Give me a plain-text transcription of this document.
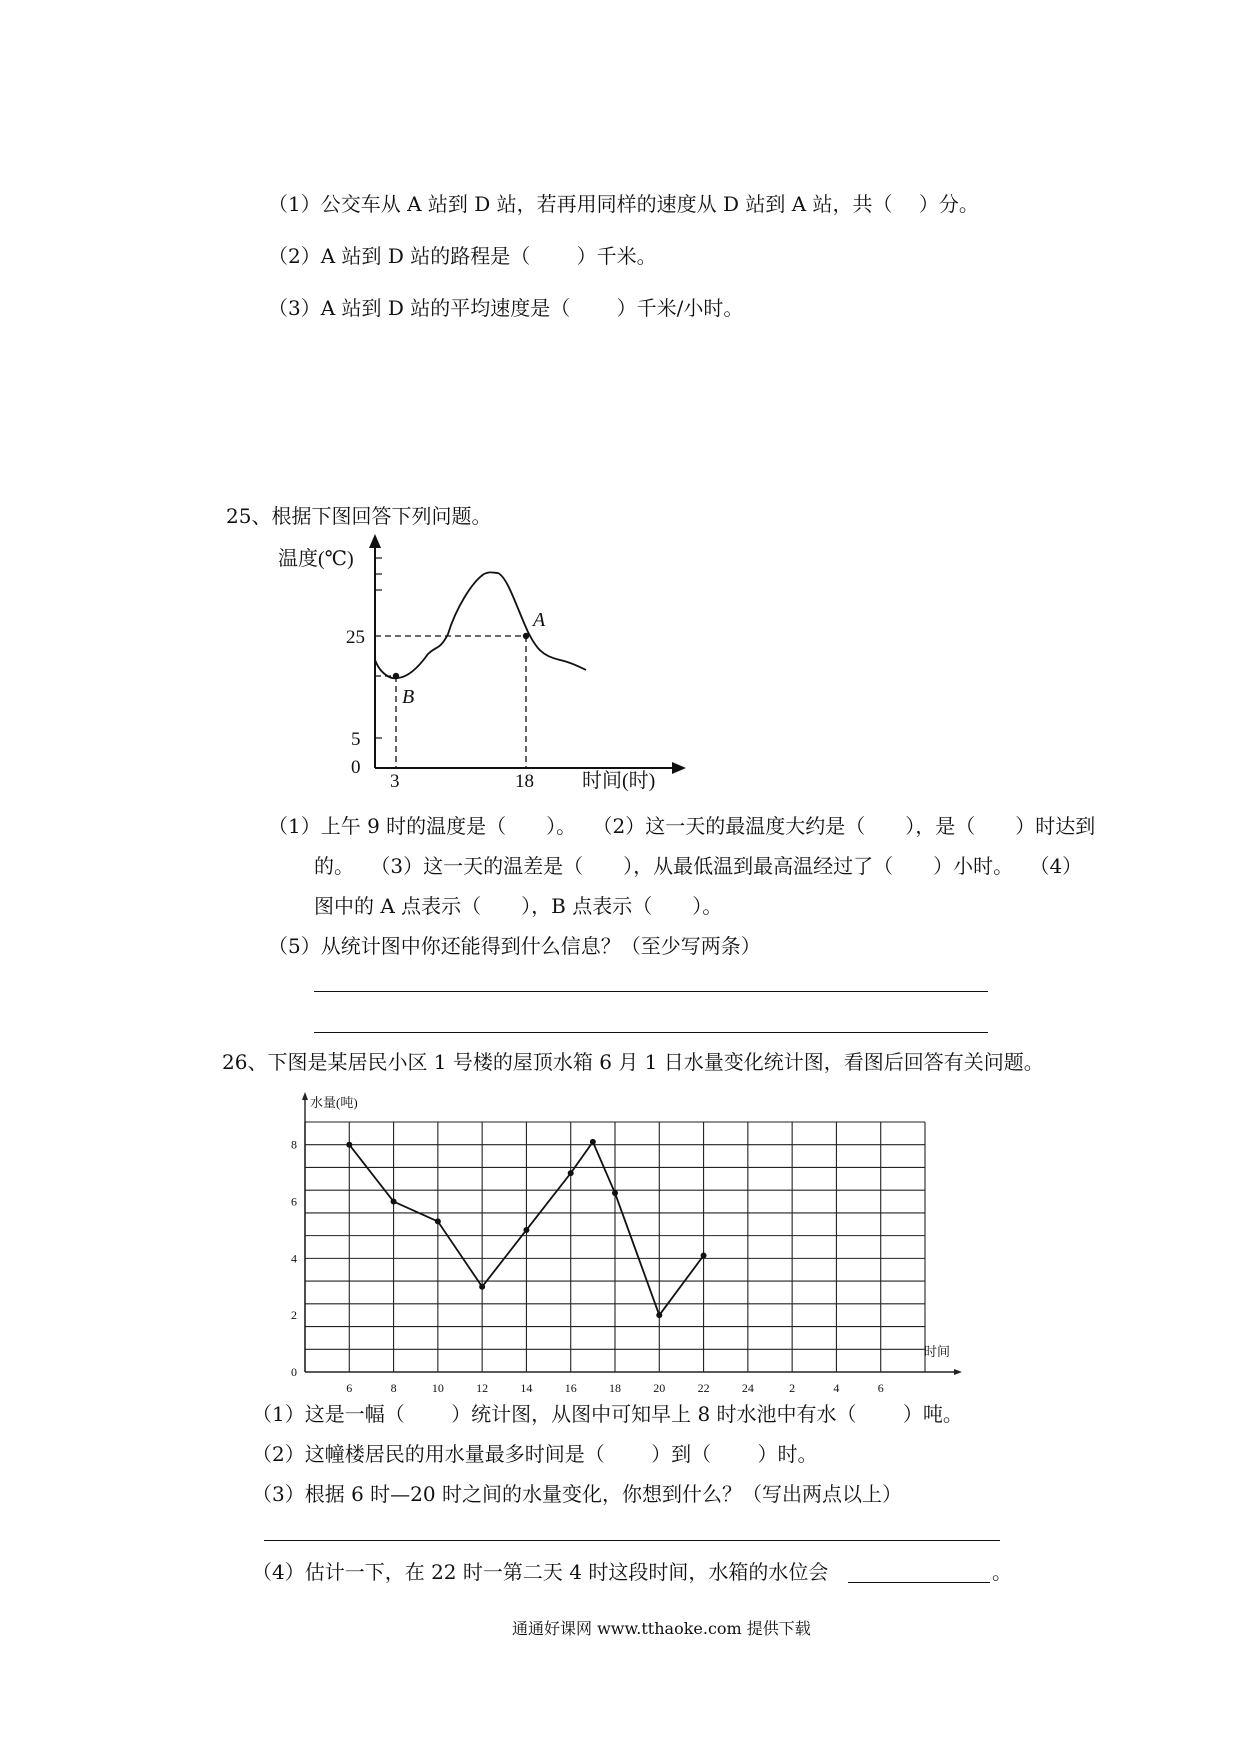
（1）公交车从 A 站到 D 站，若再用同样的速度从 D 站到 A 站，共（　 ）分。
（2）A 站到 D 站的路程是（　　 ）千米。
（3）A 站到 D 站的平均速度是（　　 ）千米/小时。
25、根据下图回答下列问题。
温度(℃)
时间(时)
25
5
0
3	18
A
B
（1）上午 9 时的温度是（　　）。　 （2）这一天的最温度大约是（　　），是（　　）时达到
的。　 （3）这一天的温差是（　　），从最低温到最高温经过了（　　）小时。　 （4）
图中的 A 点表示（　　），B 点表示（　　）。
（5）从统计图中你还能得到什么信息？（至少写两条）
26、下图是某居民小区 1 号楼的屋顶水箱 6 月 1 日水量变化统计图，看图后回答有关问题。
6	8	10	12	14	16	18	20	22	24	2	4	6
0
2
4
6
8
水量(吨)
时间
（1）这是一幅（　　 ）统计图，从图中可知早上 8 时水池中有水（　　 ）吨。
（2）这幢楼居民的用水量最多时间是（　　 ）到（　　 ）时。
（3）根据 6 时—20 时之间的水量变化，你想到什么？（写出两点以上）
（4）估计一下，在 22 时一第二天 4 时这段时间，水箱的水位会	。
通通好课网 www.tthaoke.com 提供下载
